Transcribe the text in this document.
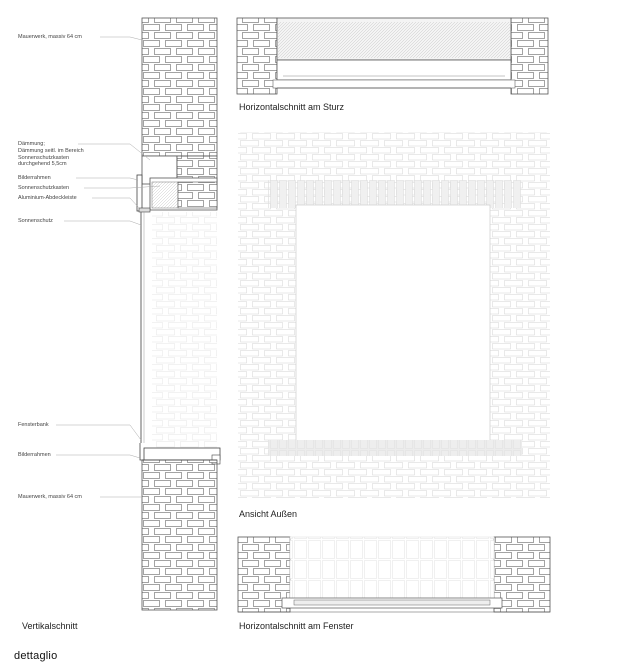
Mauerwerk, massiv 64 cm
Dämmung;
Dämmung seitl. im Bereich
Sonnenschutzkasten
durchgehend 5,5cm
Bilderrahmen
Sonnenschutzkasten
Aluminium-Abdeckleiste
Sonnenschutz
Fensterbank
Bilderrahmen
Mauerwerk, massiv 64 cm
Horizontalschnitt am Sturz
Ansicht Außen
Vertikalschnitt	Horizontalschnitt am Fenster
dettaglio
